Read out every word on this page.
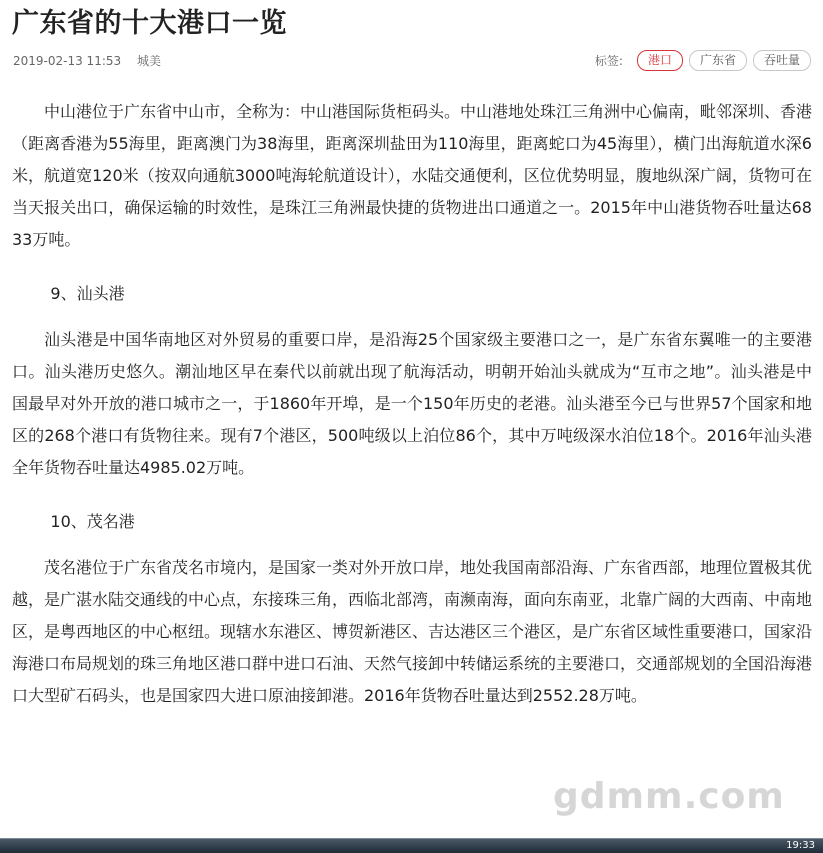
广东省的十大港口一览
2019-02-13 11:53 城美	标签:	港口	广东省	吞吐量

中山港位于广东省中山市，全称为：中山港国际货柜码头。中山港地处珠江三角洲中心偏南，毗邻深圳、香港（距离香港为55海里，距离澳门为38海里，距离深圳盐田为110海里，距离蛇口为45海里），横门出海航道水深6米，航道宽120米（按双向通航3000吨海轮航道设计），水陆交通便利，区位优势明显，腹地纵深广阔，货物可在当天报关出口，确保运输的时效性，是珠江三角洲最快捷的货物进出口通道之一。2015年中山港货物吞吐量达6833万吨。

9、汕头港

汕头港是中国华南地区对外贸易的重要口岸，是沿海25个国家级主要港口之一，是广东省东翼唯一的主要港口。汕头港历史悠久。潮汕地区早在秦代以前就出现了航海活动，明朝开始汕头就成为“互市之地”。汕头港是中国最早对外开放的港口城市之一，于1860年开埠，是一个150年历史的老港。汕头港至今已与世界57个国家和地区的268个港口有货物往来。现有7个港区，500吨级以上泊位86个，其中万吨级深水泊位18个。2016年汕头港全年货物吞吐量达4985.02万吨。

10、茂名港

茂名港位于广东省茂名市境内，是国家一类对外开放口岸，地处我国南部沿海、广东省西部，地理位置极其优越，是广湛水陆交通线的中心点，东接珠三角，西临北部湾，南濒南海，面向东南亚，北靠广阔的大西南、中南地区，是粤西地区的中心枢纽。现辖水东港区、博贺新港区、吉达港区三个港区，是广东省区域性重要港口，国家沿海港口布局规划的珠三角地区港口群中进口石油、天然气接卸中转储运系统的主要港口，交通部规划的全国沿海港口大型矿石码头，也是国家四大进口原油接卸港。2016年货物吞吐量达到2552.28万吨。

gdmm.com
19:33
